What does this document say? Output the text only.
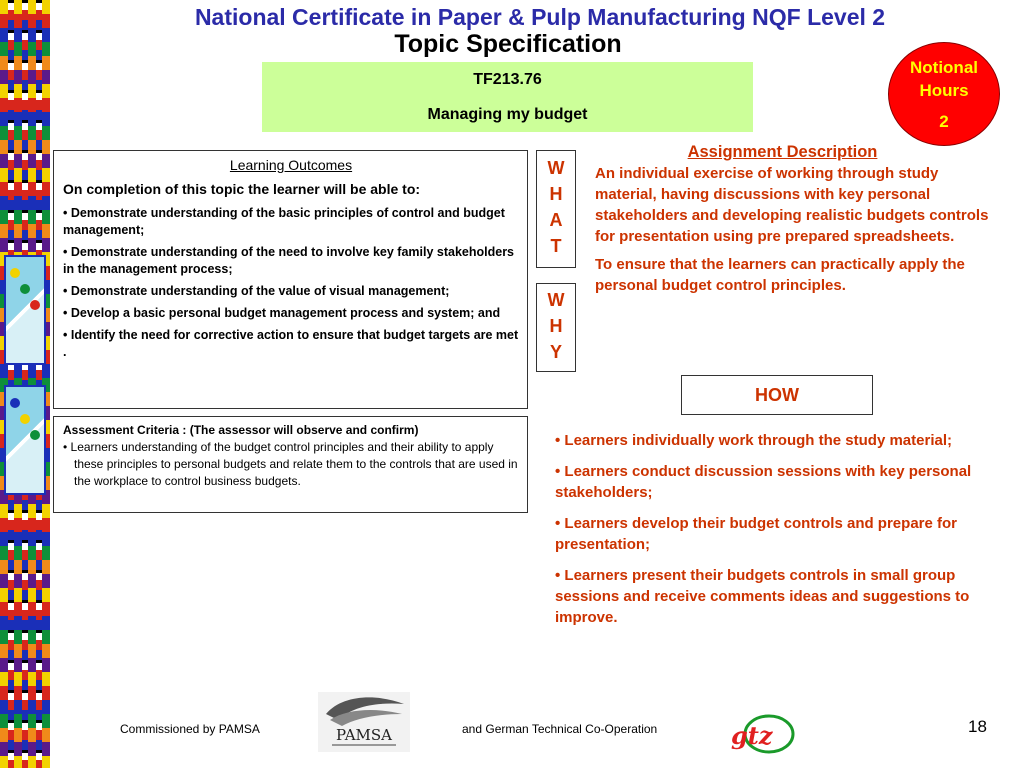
National Certificate in Paper & Pulp Manufacturing NQF Level 2
Topic Specification
Notional
Hours
2
TF213.76
Managing my budget
Learning Outcomes
On completion of this topic the learner will be able to:
• Demonstrate understanding of the basic principles of control and budget management;
• Demonstrate understanding of the need to involve key family stakeholders in the management process;
• Demonstrate understanding of the value of visual management;
• Develop a basic personal budget management process and system; and
• Identify the need for corrective action to ensure that budget targets are met .
Assessment Criteria : (The assessor will observe and confirm)
• Learners understanding of the budget control principles and their ability to apply these principles to personal budgets and relate them to the controls that are used in the workplace to control business budgets.
W
H
A
T
W
H
Y
Assignment Description

An individual exercise of working through study material, having discussions with key personal stakeholders and developing realistic budgets controls for presentation using pre prepared spreadsheets.

To ensure that the learners can practically apply the personal budget control principles.

HOW

• Learners individually work through the study material;

• Learners conduct discussion sessions with key personal stakeholders;

• Learners develop their budget controls and prepare for presentation;

• Learners present their budgets controls in small group sessions and receive comments ideas and suggestions to improve.

Commissioned by PAMSA	PAMSA	and German Technical Co-Operation	gtz	18
